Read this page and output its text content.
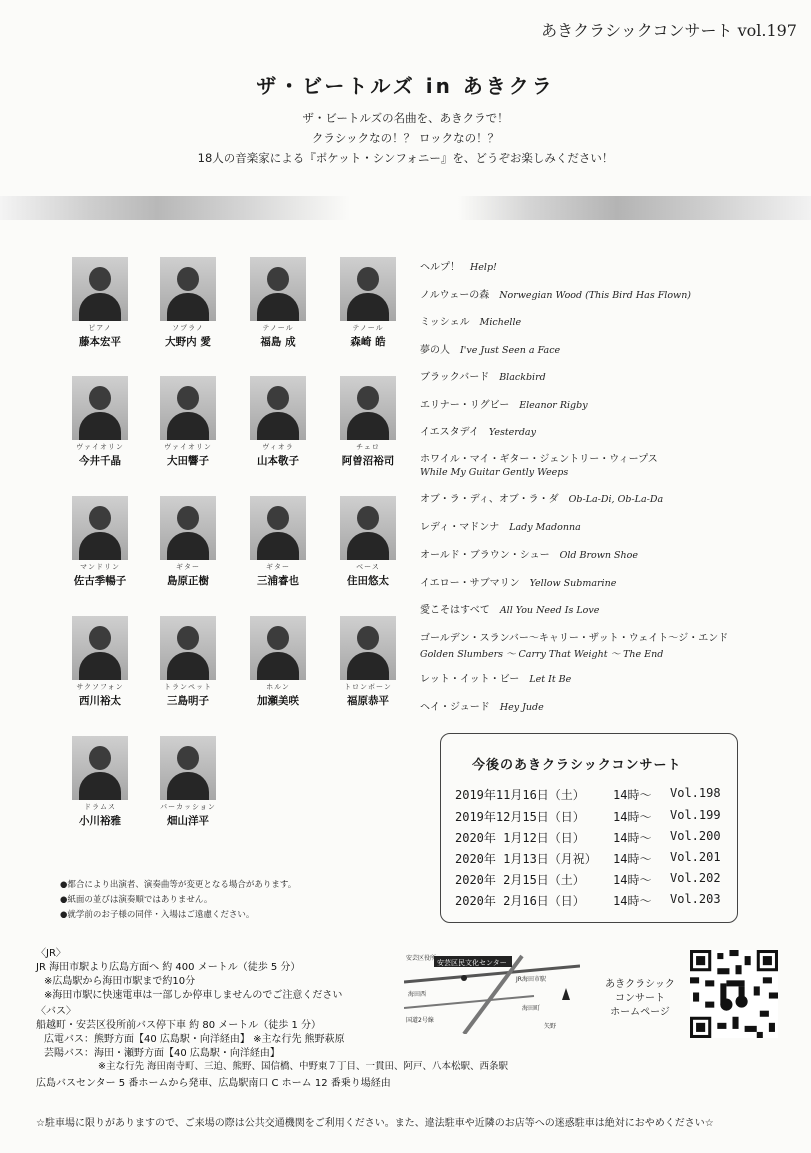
あきクラシックコンサート vol.197
ザ・ビートルズ in あきクラ
ザ・ビートルズの名曲を、あきクラで！
クラシックなの！？ ロックなの！？
18人の音楽家による『ポケット・シンフォニー』を、どうぞお楽しみください！
ピアノ
藤本宏平
ソプラノ
大野内 愛
テノール
福島 成
テノール
森崎 皓
ヴァイオリン
今井千晶
ヴァイオリン
大田響子
ヴィオラ
山本敬子
チェロ
阿曽沼裕司
マンドリン
佐古季暢子
ギター
島原正樹
ギター
三浦睿也
ベース
住田悠太
サクソフォン
西川裕太
トランペット
三島明子
ホルン
加瀬美咲
トロンボーン
福原恭平
ドラムス
小川裕雅
パーカッション
畑山洋平
ヘルプ！ Help!
ノルウェーの森 Norwegian Wood (This Bird Has Flown)
ミッシェル Michelle
夢の人 I've Just Seen a Face
ブラックバード Blackbird
エリナー・リグビー Eleanor Rigby
イエスタデイ Yesterday
ホワイル・マイ・ギター・ジェントリー・ウィープス
While My Guitar Gently Weeps
オブ・ラ・ディ、オブ・ラ・ダ Ob-La-Di, Ob-La-Da
レディ・マドンナ Lady Madonna
オールド・ブラウン・シュー Old Brown Shoe
イエロー・サブマリン Yellow Submarine
愛こそはすべて All You Need Is Love
ゴールデン・スランバー〜キャリー・ザット・ウェイト〜ジ・エンド
Golden Slumbers 〜 Carry That Weight 〜 The End
レット・イット・ビー Let It Be
ヘイ・ジュード Hey Jude
今後のあきクラシックコンサート
2019年11月16日（土） 14時〜 Vol.198
2019年12月15日（日） 14時〜 Vol.199
2020年 1月12日（日） 14時〜 Vol.200
2020年 1月13日（月祝） 14時〜 Vol.201
2020年 2月15日（土） 14時〜 Vol.202
2020年 2月16日（日） 14時〜 Vol.203
●都合により出演者、演奏曲等が変更となる場合があります。
●紙面の並びは演奏順ではありません。
●就学前のお子様の同伴・入場はご遠慮ください。
〈JR〉
JR 海田市駅より広島方面へ 約 400 メートル（徒歩 5 分）
※広島駅から海田市駅まで約10分
※海田市駅に快速電車は一部しか停車しませんのでご注意ください
〈バス〉
船越町・安芸区役所前バス停下車 約 80 メートル（徒歩 1 分）
広電バス：熊野方面【40 広島駅・向洋経由】 ※主な行先 熊野萩原
芸陽バス：海田・瀬野方面【40 広島駅・向洋経由】
※主な行先 海田南寺町、三迫、熊野、国信橋、中野東７丁目、一貫田、阿戸、八本松駅、西条駅
広島バスセンター 5 番ホームから発車、広島駅南口 C ホーム 12 番乗り場経由
安芸区民文化センター
安芸区役所
JR海田市駅
国道2号線
海田町
矢野
海田西
あきクラシック
コンサート
ホームページ
☆駐車場に限りがありますので、ご来場の際は公共交通機関をご利用ください。また、違法駐車や近隣のお店等への迷惑駐車は絶対におやめください☆
